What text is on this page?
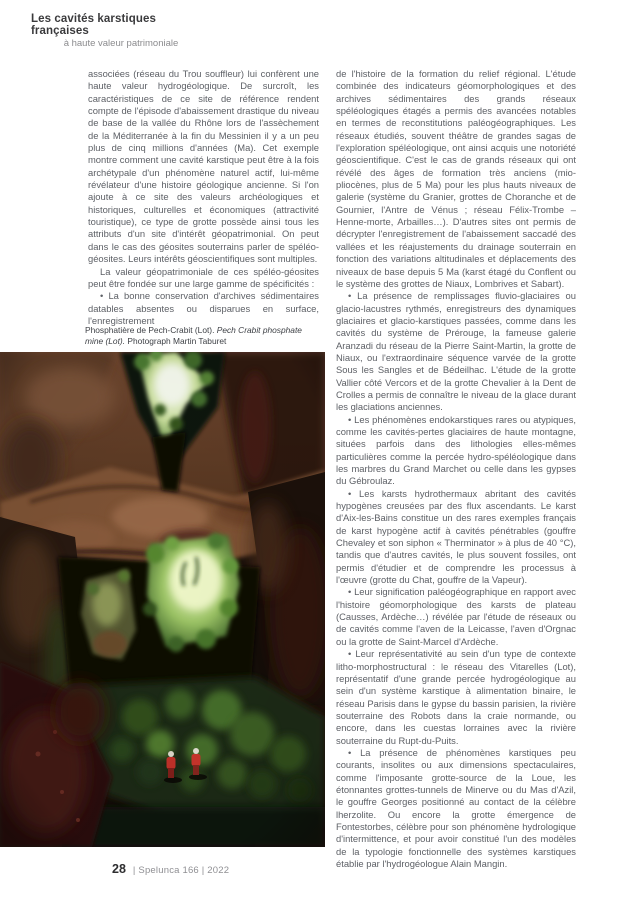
Les cavités karstiques françaises
à haute valeur patrimoniale

associées (réseau du Trou souffleur) lui confèrent une haute valeur hydrogéologique. De surcroît, les caractéristiques de ce site de référence rendent compte de l'épisode d'abaissement drastique du niveau de base de la vallée du Rhône lors de l'assèchement de la Méditerranée à la fin du Messinien il y a un peu plus de cinq millions d'années (Ma). Cet exemple montre comment une cavité karstique peut être à la fois archétypale d'un phénomène naturel actif, lui-même révélateur d'une histoire géologique ancienne. Si l'on ajoute à ce site des valeurs archéologiques et historiques, culturelles et économiques (attractivité touristique), ce type de grotte possède ainsi tous les attributs d'un site d'intérêt géopatrimonial. On peut dans le cas des géosites souterrains parler de spéléo-géosites. Leurs intérêts géoscientifiques sont multiples.

La valeur géopatrimoniale de ces spéléo-géosites peut être fondée sur une large gamme de spécificités :

• La bonne conservation d'archives sédimentaires datables absentes ou disparues en surface, l'enregistrement

de l'histoire de la formation du relief régional. L'étude combinée des indicateurs géomorphologiques et des archives sédimentaires des grands réseaux spéléologiques étagés a permis des avancées notables en termes de reconstitutions paléogéographiques. Les réseaux étudiés, souvent théâtre de grandes sagas de l'exploration spéléologique, ont ainsi acquis une notoriété géoscientifique. C'est le cas de grands réseaux qui ont révélé des âges de formation très anciens (mio-pliocènes, plus de 5 Ma) pour les plus hauts niveaux de galerie (système du Granier, grottes de Choranche et de Gournier, l'Antre de Vénus ; réseau Félix-Trombe – Henne-morte, Arbailles…). D'autres sites ont permis de décrypter l'enregistrement de l'abaissement saccadé des vallées et les réajustements du drainage souterrain en fonction des variations altitudinales et déplacements des niveaux de base depuis 5 Ma (karst étagé du Conflent ou le système des grottes de Niaux, Lombrives et Sabart).

• La présence de remplissages fluvio-glaciaires ou glacio-lacustres rythmés, enregistreurs des dynamiques glaciaires et glacio-karstiques passées, comme dans les cavités du système de Prérouge, la fameuse galerie Aranzadi du réseau de la Pierre Saint-Martin, la grotte de Niaux, ou l'extraordinaire séquence varvée de la grotte Sous les Sangles et de Bédeilhac. L'étude de la grotte Vallier côté Vercors et de la grotte Chevalier à la Dent de Crolles a permis de connaître le niveau de la glace durant les glaciations anciennes.

• Les phénomènes endokarstiques rares ou atypiques, comme les cavités-pertes glaciaires de haute montagne, situées parfois dans des lithologies elles-mêmes particulières comme la percée hydro-spéléologique dans les marbres du Grand Marchet ou celle dans les gypses du Gébroulaz.

• Les karsts hydrothermaux abritant des cavités hypogènes creusées par des flux ascendants. Le karst d'Aix-les-Bains constitue un des rares exemples français de karst hypogène actif à cavités pénétrables (gouffre Chevaley et son siphon « Therminator » à plus de 40 °C), tandis que d'autres cavités, le plus souvent fossiles, ont permis d'étudier et de comprendre les processus à l'œuvre (grotte du Chat, gouffre de la Vapeur).

• Leur signification paléogéographique en rapport avec l'histoire géomorphologique des karsts de plateau (Causses, Ardèche…) révélée par l'étude de réseaux ou de cavités comme l'aven de la Leicasse, l'aven d'Orgnac ou la grotte de Saint-Marcel d'Ardèche.

• Leur représentativité au sein d'un type de contexte litho-morphostructural : le réseau des Vitarelles (Lot), représentatif d'une grande percée hydrogéologique au sein d'un système karstique à alimentation binaire, le réseau Parisis dans le gypse du bassin parisien, la rivière souterraine des Robots dans la craie normande, ou encore, dans les cuestas lorraines avec la rivière souterraine du Rupt-du-Puits.

• La présence de phénomènes karstiques peu courants, insolites ou aux dimensions spectaculaires, comme l'imposante grotte-source de la Loue, les étonnantes grottes-tunnels de Minerve ou du Mas d'Azil, le gouffre Georges positionné au contact de la célèbre lherzolite. Ou encore la grotte émergence de Fontestorbes, célèbre pour son phénomène hydrologique d'intermittence, et pour avoir constitué l'un des modèles de la typologie fonctionnelle des systèmes karstiques établie par l'hydrogéologue Alain Mangin.

Phosphatière de Pech-Crabit (Lot). Pech Crabit phosphate mine (Lot). Photograph Martin Taburet
28 | Spelunca 166 | 2022
